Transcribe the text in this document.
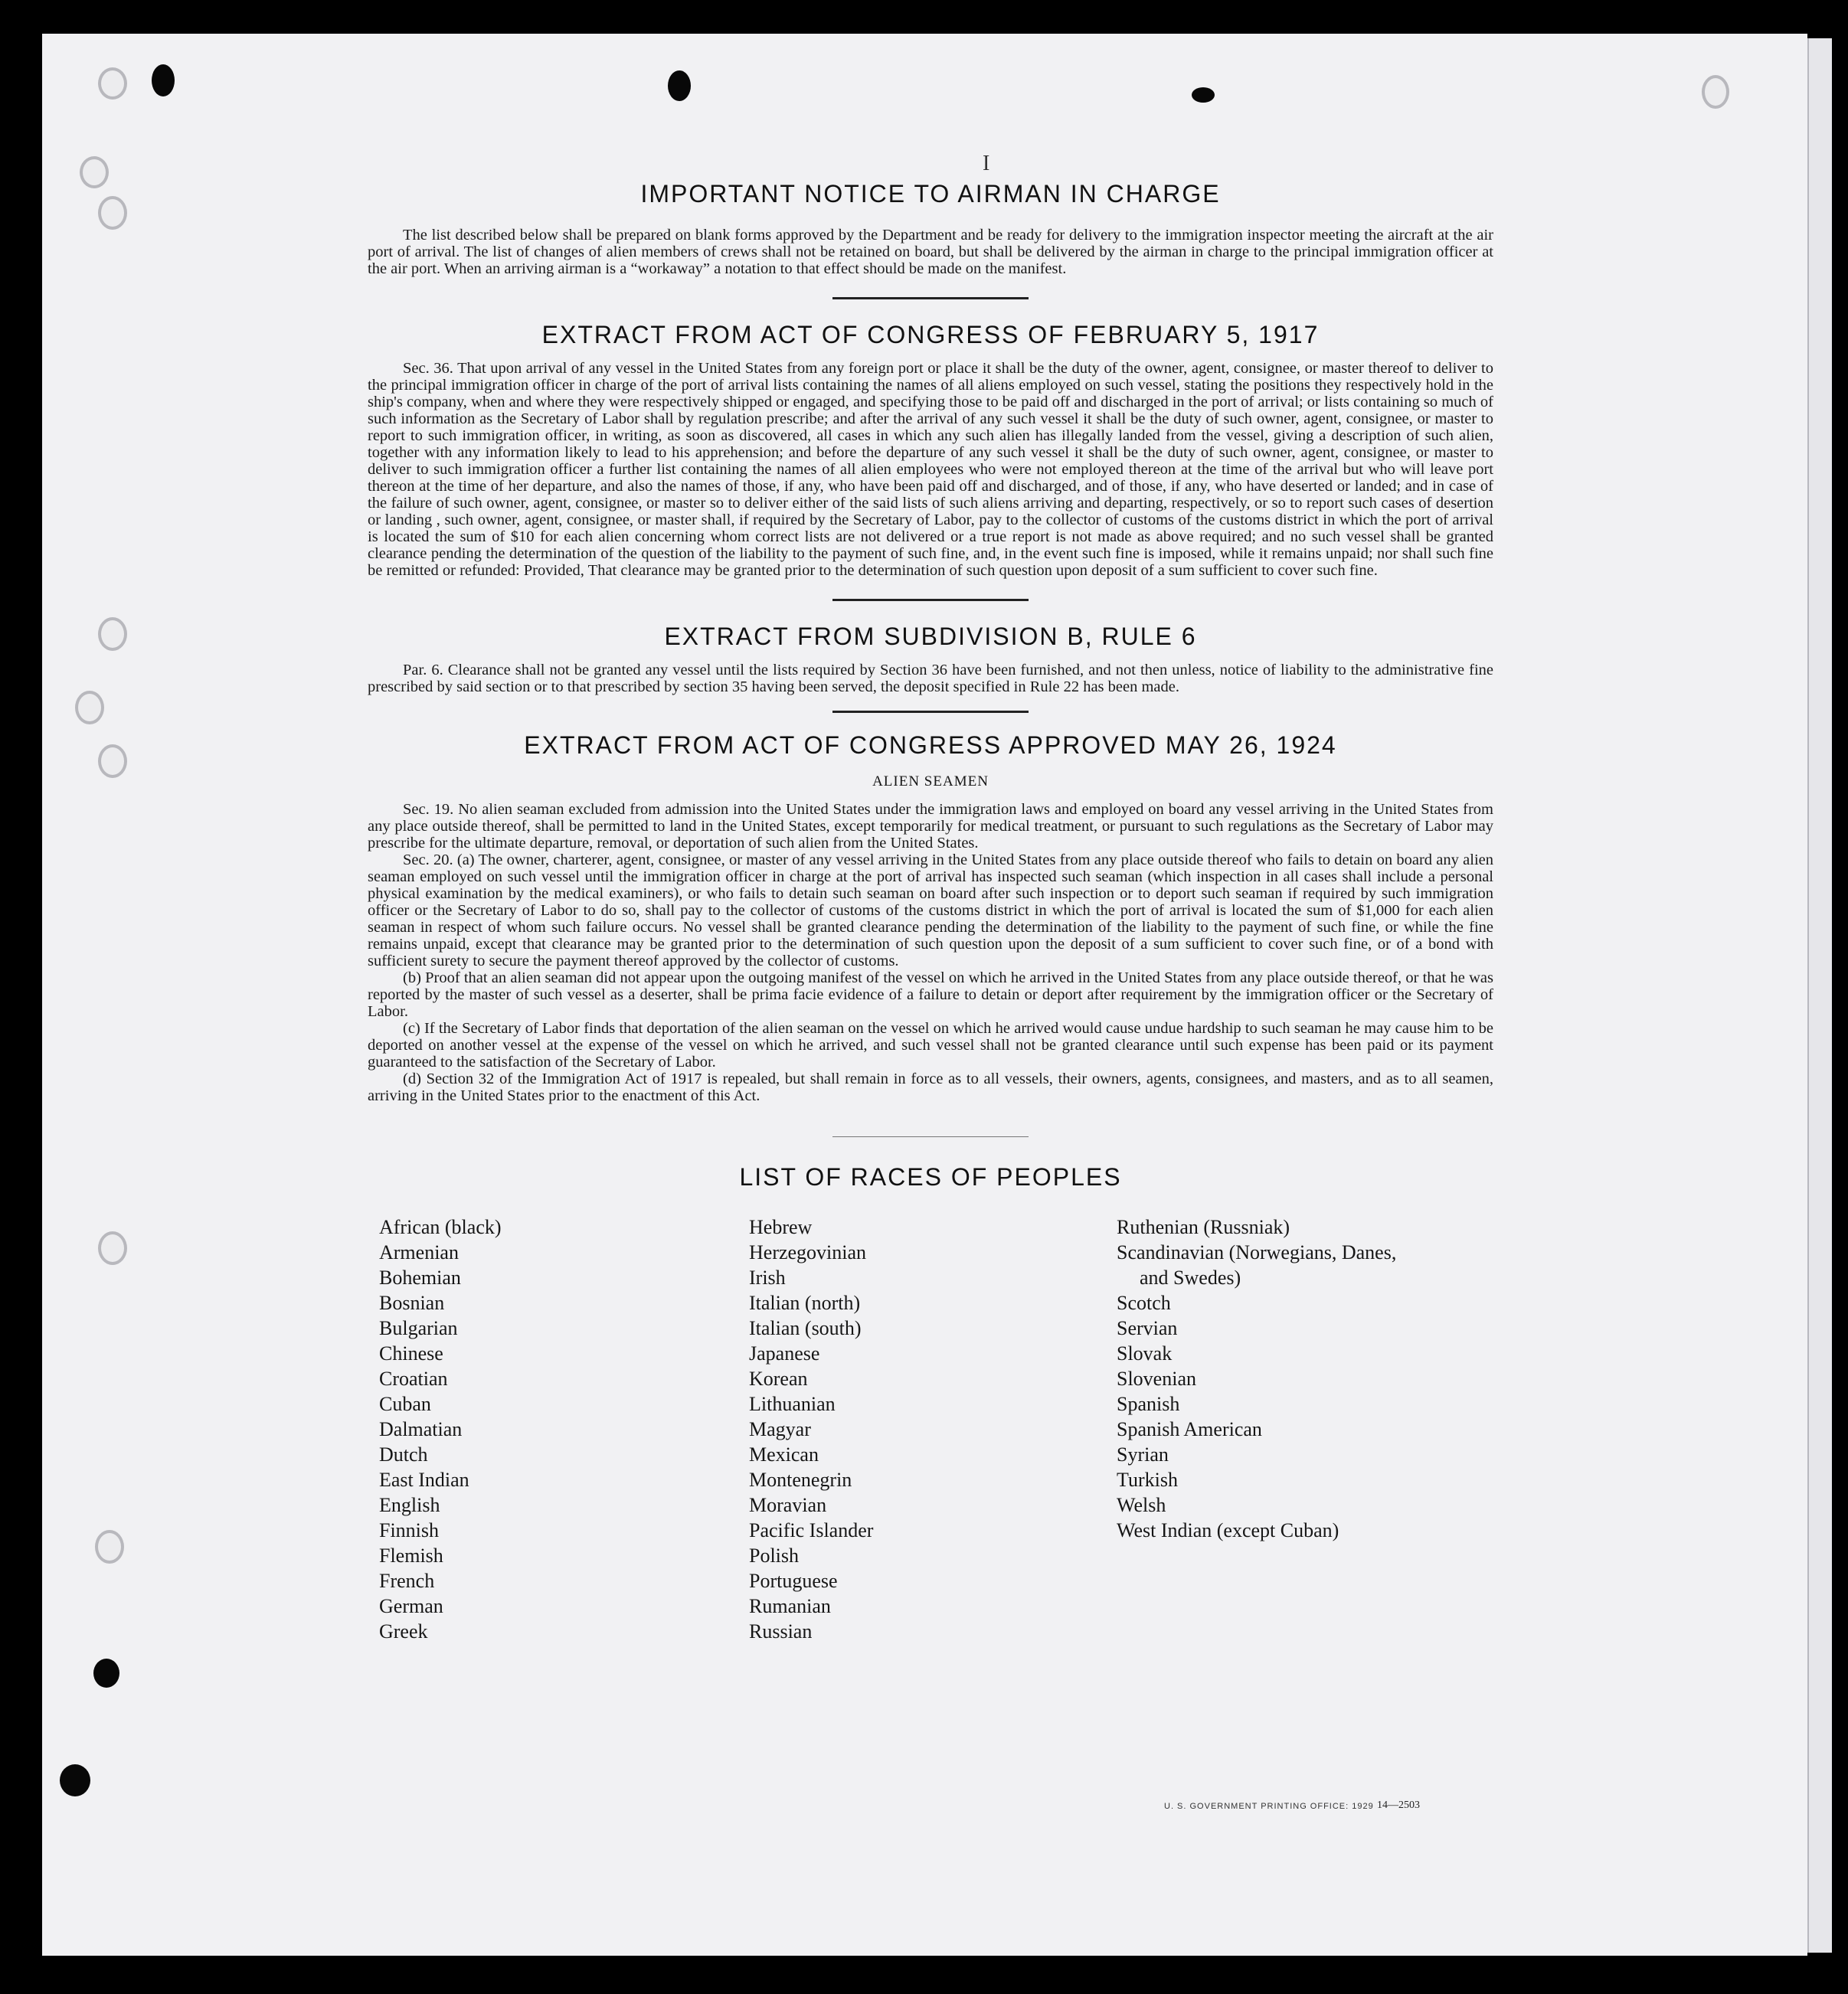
I
IMPORTANT NOTICE TO AIRMAN IN CHARGE

The list described below shall be prepared on blank forms approved by the Department and be ready for delivery to the immigration inspector meeting the aircraft at the air port of arrival. The list of changes of alien members of crews shall not be retained on board, but shall be delivered by the airman in charge to the principal immigration officer at the air port. When an arriving airman is a “workaway” a notation to that effect should be made on the manifest.

EXTRACT FROM ACT OF CONGRESS OF FEBRUARY 5, 1917

Sec. 36. That upon arrival of any vessel in the United States from any foreign port or place it shall be the duty of the owner, agent, consignee, or master thereof to deliver to the principal immigration officer in charge of the port of arrival lists containing the names of all aliens employed on such vessel, stating the positions they respectively hold in the ship's company, when and where they were respectively shipped or engaged, and specifying those to be paid off and discharged in the port of arrival; or lists containing so much of such information as the Secretary of Labor shall by regulation prescribe; and after the arrival of any such vessel it shall be the duty of such owner, agent, consignee, or master to report to such immigration officer, in writing, as soon as discovered, all cases in which any such alien has illegally landed from the vessel, giving a description of such alien, together with any information likely to lead to his apprehension; and before the departure of any such vessel it shall be the duty of such owner, agent, consignee, or master to deliver to such immigration officer a further list containing the names of all alien employees who were not employed thereon at the time of the arrival but who will leave port thereon at the time of her departure, and also the names of those, if any, who have been paid off and discharged, and of those, if any, who have deserted or landed; and in case of the failure of such owner, agent, consignee, or master so to deliver either of the said lists of such aliens arriving and departing, respectively, or so to report such cases of desertion or landing , such owner, agent, consignee, or master shall, if required by the Secretary of Labor, pay to the collector of customs of the customs district in which the port of arrival is located the sum of $10 for each alien concerning whom correct lists are not delivered or a true report is not made as above required; and no such vessel shall be granted clearance pending the determination of the question of the liability to the payment of such fine, and, in the event such fine is imposed, while it remains unpaid; nor shall such fine be remitted or refunded: Provided, That clearance may be granted prior to the determination of such question upon deposit of a sum sufficient to cover such fine.

EXTRACT FROM SUBDIVISION B, RULE 6

Par. 6. Clearance shall not be granted any vessel until the lists required by Section 36 have been furnished, and not then unless, notice of liability to the administrative fine prescribed by said section or to that prescribed by section 35 having been served, the deposit specified in Rule 22 has been made.

EXTRACT FROM ACT OF CONGRESS APPROVED MAY 26, 1924
ALIEN SEAMEN

Sec. 19. No alien seaman excluded from admission into the United States under the immigration laws and employed on board any vessel arriving in the United States from any place outside thereof, shall be permitted to land in the United States, except temporarily for medical treatment, or pursuant to such regulations as the Secretary of Labor may prescribe for the ultimate departure, removal, or deportation of such alien from the United States.

Sec. 20. (a) The owner, charterer, agent, consignee, or master of any vessel arriving in the United States from any place outside thereof who fails to detain on board any alien seaman employed on such vessel until the immigration officer in charge at the port of arrival has inspected such seaman (which inspection in all cases shall include a personal physical examination by the medical examiners), or who fails to detain such seaman on board after such inspection or to deport such seaman if required by such immigration officer or the Secretary of Labor to do so, shall pay to the collector of customs of the customs district in which the port of arrival is located the sum of $1,000 for each alien seaman in respect of whom such failure occurs. No vessel shall be granted clearance pending the determination of the liability to the payment of such fine, or while the fine remains unpaid, except that clearance may be granted prior to the determination of such question upon the deposit of a sum sufficient to cover such fine, or of a bond with sufficient surety to secure the payment thereof approved by the collector of customs.

(b) Proof that an alien seaman did not appear upon the outgoing manifest of the vessel on which he arrived in the United States from any place outside thereof, or that he was reported by the master of such vessel as a deserter, shall be prima facie evidence of a failure to detain or deport after requirement by the immigration officer or the Secretary of Labor.

(c) If the Secretary of Labor finds that deportation of the alien seaman on the vessel on which he arrived would cause undue hardship to such seaman he may cause him to be deported on another vessel at the expense of the vessel on which he arrived, and such vessel shall not be granted clearance until such expense has been paid or its payment guaranteed to the satisfaction of the Secretary of Labor.

(d) Section 32 of the Immigration Act of 1917 is repealed, but shall remain in force as to all vessels, their owners, agents, consignees, and masters, and as to all seamen, arriving in the United States prior to the enactment of this Act.

LIST OF RACES OF PEOPLES
African (black)
Armenian
Bohemian
Bosnian
Bulgarian
Chinese
Croatian
Cuban
Dalmatian
Dutch
East Indian
English
Finnish
Flemish
French
German
Greek
Hebrew
Herzegovinian
Irish
Italian (north)
Italian (south)
Japanese
Korean
Lithuanian
Magyar
Mexican
Montenegrin
Moravian
Pacific Islander
Polish
Portuguese
Rumanian
Russian
Ruthenian (Russniak)
Scandinavian (Norwegians, Danes,
and Swedes)
Scotch
Servian
Slovak
Slovenian
Spanish
Spanish American
Syrian
Turkish
Welsh
West Indian (except Cuban)
U. S. GOVERNMENT PRINTING OFFICE: 1929 14—2503
